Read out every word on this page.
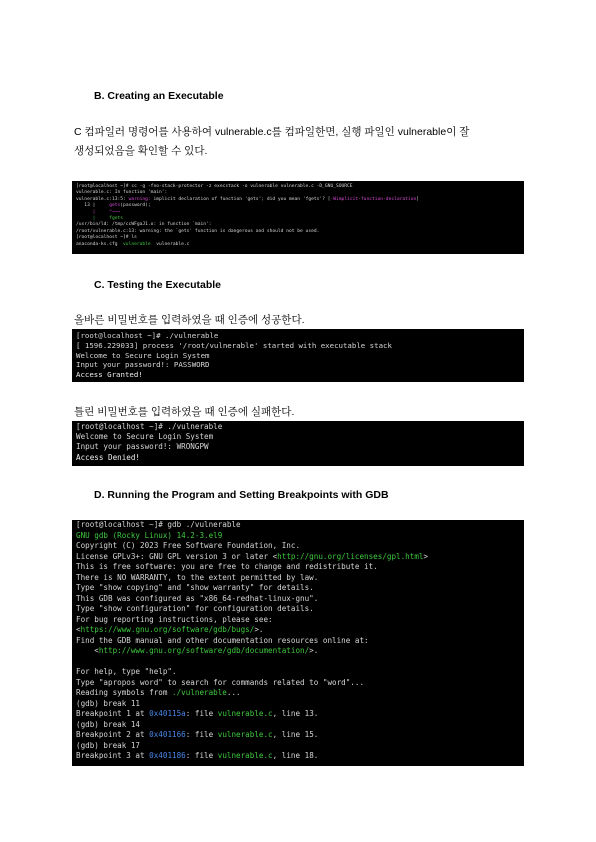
B. Creating an Executable
C 컴파일러 명령어를 사용하여 vulnerable.c를 컴파일한면, 실행 파일인 vulnerable이 잘
생성되었음을 확인할 수 있다.
[root@localhost ~]# cc -g -fno-stack-protector -z execstack -o vulnerable vulnerable.c -D_GNU_SOURCE
vulnerable.c: In function 'main':
vulnerable.c:13:5: warning: implicit declaration of function 'gets'; did you mean 'fgets'? [-Wimplicit-function-declaration]
13 |     gets(password);
|     ^~~~
|     fgets
/usr/bin/ld: /tmp/ccWFgaJ1.o: in function `main':
/root/vulnerable.c:13: warning: the `gets' function is dangerous and should not be used.
[root@localhost ~]# ls
anaconda-ks.cfg  vulnerable  vulnerable.c
C. Testing the Executable
올바른 비밀번호를 입력하였을 때 인증에 성공한다.
[root@localhost ~]# ./vulnerable
[ 1596.229033] process '/root/vulnerable' started with executable stack
Welcome to Secure Login System
Input your password!: PASSWORD
Access Granted!
틀린 비밀번호를 입력하였을 때 인증에 실패한다.
[root@localhost ~]# ./vulnerable
Welcome to Secure Login System
Input your password!: WRONGPW
Access Denied!
D. Running the Program and Setting Breakpoints with GDB
[root@localhost ~]# gdb ./vulnerable
GNU gdb (Rocky Linux) 14.2-3.el9
Copyright (C) 2023 Free Software Foundation, Inc.
License GPLv3+: GNU GPL version 3 or later <http://gnu.org/licenses/gpl.html>
This is free software: you are free to change and redistribute it.
There is NO WARRANTY, to the extent permitted by law.
Type "show copying" and "show warranty" for details.
This GDB was configured as "x86_64-redhat-linux-gnu".
Type "show configuration" for configuration details.
For bug reporting instructions, please see:
<https://www.gnu.org/software/gdb/bugs/>.
Find the GDB manual and other documentation resources online at:
<http://www.gnu.org/software/gdb/documentation/>.

For help, type "help".
Type "apropos word" to search for commands related to "word"...
Reading symbols from ./vulnerable...
(gdb) break 11
Breakpoint 1 at 0x40115a: file vulnerable.c, line 13.
(gdb) break 14
Breakpoint 2 at 0x401166: file vulnerable.c, line 15.
(gdb) break 17
Breakpoint 3 at 0x401186: file vulnerable.c, line 18.
